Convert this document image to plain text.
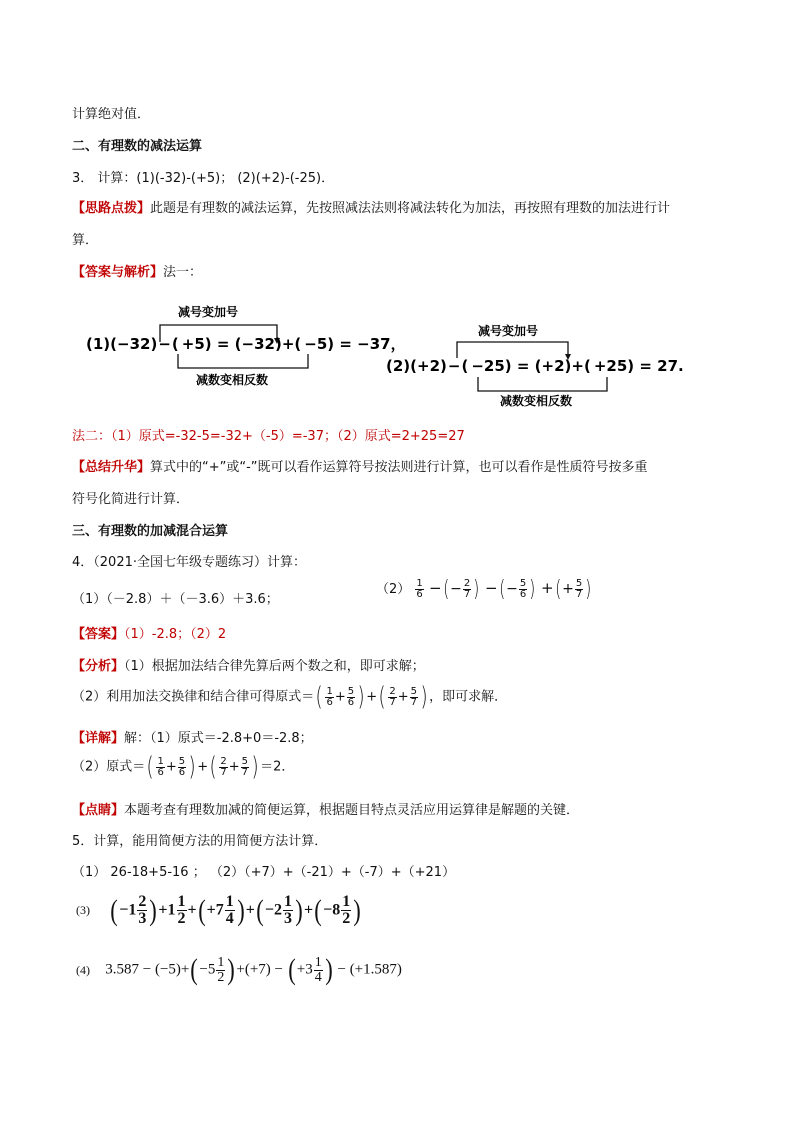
计算绝对值．
二、有理数的减法运算
3． 计算：(1)(-32)-(+5)； (2)(+2)-(-25)．
【思路点拨】此题是有理数的减法运算，先按照减法法则将减法转化为加法，再按照有理数的加法进行计
算．
【答案与解析】法一：
减号变加号
(1)(−32)−( +5) = (−32)+( −5) = −37，
减数变相反数
减号变加号
(2)(+2)−( −25) = (+2)+( +25) = 27.
减数变相反数
法二：（1）原式=-32-5=-32+（-5）=-37；（2）原式=2+25=27
【总结升华】算式中的“+”或“-”既可以看作运算符号按法则进行计算，也可以看作是性质符号按多重
符号化简进行计算．
三、有理数的加减混合运算
4．（2021·全国七年级专题练习）计算：
（1）（－2.8）＋（－3.6）＋3.6；
$(2) \frac{1}{6}$ −(− $\frac{2}{7}$ ) −(− $\frac{5}{6}$ ) +(+ $\frac{5}{7}$ )
【答案】（1）-2.8；（2）2
【分析】（1）根据加法结合律先算后两个数之和，即可求解；
（2）利用加法交换律和结合律可得原式＝( $\frac{1}{6} + \frac{5}{6}$ ) +( $\frac{2}{7} + \frac{5}{7}$ ) ，即可求解．
【详解】解：（1）原式＝-2.8+0＝-2.8；
（2）原式＝( $\frac{1}{6} + \frac{5}{6}$ ) +( $\frac{2}{7} + \frac{5}{7}$ ) ＝2．
【点睛】本题考查有理数加减的简便运算，根据题目特点灵活应用运算律是解题的关键．
5．计算，能用简便方法的用简便方法计算．
（1） 26-18+5-16 ； （2）（+7）+（-21）+（-7）+（+21）
(3) $(-1 \frac{2}{3} )+1 \frac{1}{2} +(+7 \frac{1}{4} )+(-2 \frac{1}{3} )+(-8 \frac{1}{2}$ )
(4) $3.587 - (-5)+(-5 \frac{1}{2} )+(+7) - (+3 \frac{1}{4}$ ) − (+1.587)
